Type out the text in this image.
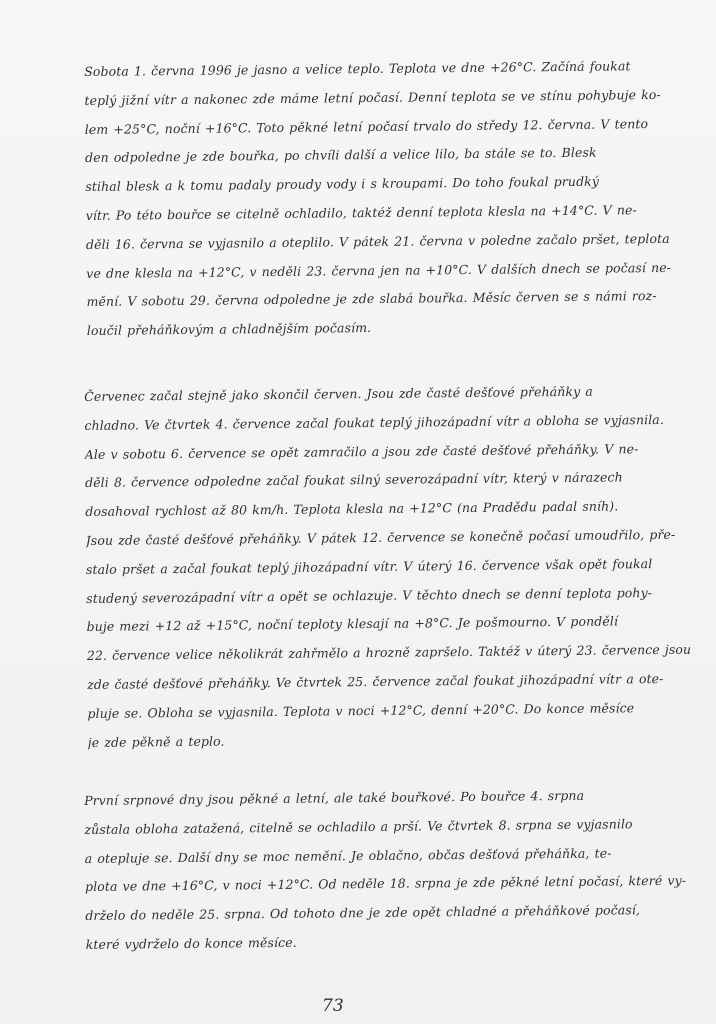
Sobota 1. června 1996 je jasno a velice teplo. Teplota ve dne +26°C. Začíná foukat
teplý jižní vítr a nakonec zde máme letní počasí. Denní teplota se ve stínu pohybuje ko-
lem +25°C, noční +16°C. Toto pěkné letní počasí trvalo do středy 12. června. V tento
den odpoledne je zde bouřka, po chvíli další a velice lilo, ba stále se to. Blesk
stihal blesk a k tomu padaly proudy vody i s kroupami. Do toho foukal prudký
vítr. Po této bouřce se citelně ochladilo, taktéž denní teplota klesla na +14°C. V ne-
děli 16. června se vyjasnilo a oteplilo. V pátek 21. června v poledne začalo pršet, teplota
ve dne klesla na +12°C, v neděli 23. června jen na +10°C. V dalších dnech se počasí ne-
mění. V sobotu 29. června odpoledne je zde slabá bouřka. Měsíc červen se s námi roz-
loučil přeháňkovým a chladnějším počasím.
Červenec začal stejně jako skončil červen. Jsou zde časté dešťové přeháňky a
chladno. Ve čtvrtek 4. července začal foukat teplý jihozápadní vítr a obloha se vyjasnila.
Ale v sobotu 6. července se opět zamračilo a jsou zde časté dešťové přeháňky. V ne-
děli 8. července odpoledne začal foukat silný severozápadní vítr, který v nárazech
dosahoval rychlost až 80 km/h. Teplota klesla na +12°C (na Pradědu padal sníh).
Jsou zde časté dešťové přeháňky. V pátek 12. července se konečně počasí umoudřilo, pře-
stalo pršet a začal foukat teplý jihozápadní vítr. V úterý 16. července však opět foukal
studený severozápadní vítr a opět se ochlazuje. V těchto dnech se denní teplota pohy-
buje mezi +12 až +15°C, noční teploty klesají na +8°C. Je pošmourno. V pondělí
22. července velice několikrát zahřmělo a hrozně zapršelo. Taktéž v úterý 23. července jsou
zde časté dešťové přeháňky. Ve čtvrtek 25. července začal foukat jihozápadní vítr a ote-
pluje se. Obloha se vyjasnila. Teplota v noci +12°C, denní +20°C. Do konce měsíce
je zde pěkně a teplo.
První srpnové dny jsou pěkné a letní, ale také bouřkové. Po bouřce 4. srpna
zůstala obloha zatažená, citelně se ochladilo a prší. Ve čtvrtek 8. srpna se vyjasnilo
a otepluje se. Další dny se moc nemění. Je oblačno, občas dešťová přeháňka, te-
plota ve dne +16°C, v noci +12°C. Od neděle 18. srpna je zde pěkné letní počasí, které vy-
drželo do neděle 25. srpna. Od tohoto dne je zde opět chladné a přeháňkové počasí,
které vydrželo do konce měsíce.
73
